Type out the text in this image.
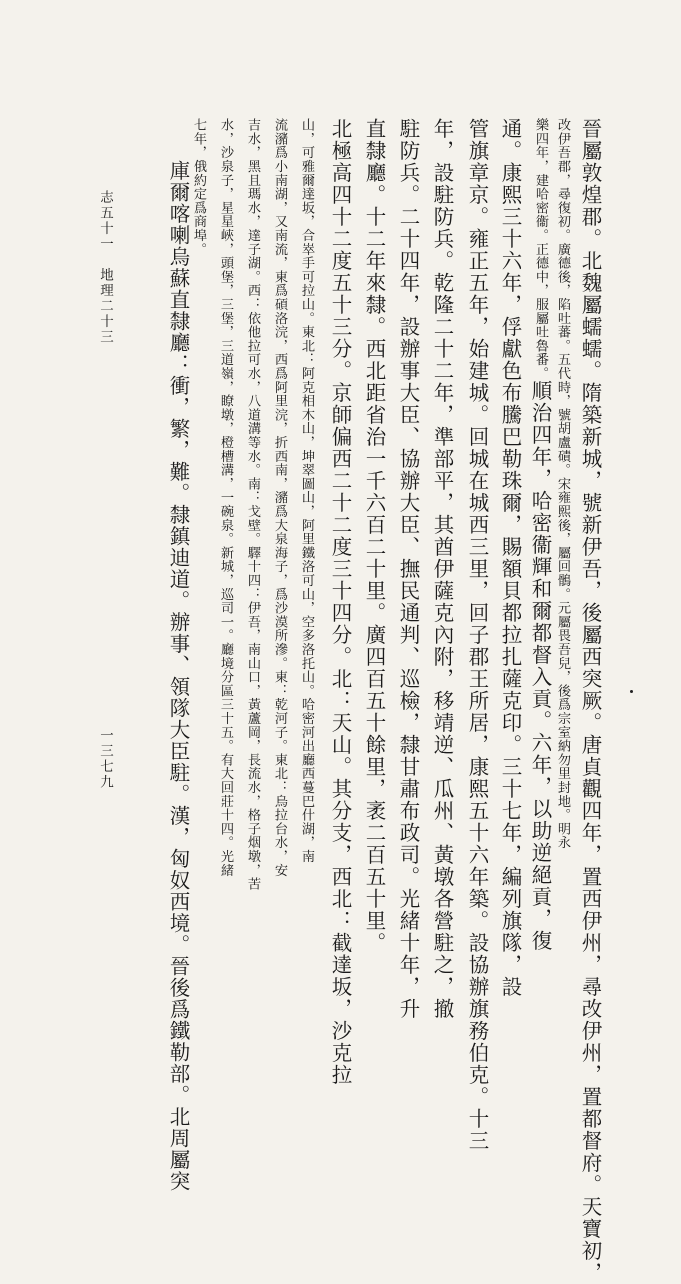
晉屬敦煌郡。北魏屬蠕蠕。隋築新城，號新伊吾，後屬西突厥。唐貞觀四年，置西伊州，尋改伊州，置都督府。天寶初，
改伊吾郡，尋復初。廣德後，陷吐蕃。五代時，號胡盧磧。宋雍熙後，屬回鶻。元屬畏吾兒，後爲宗室納勿里封地。明永
樂四年，建哈密衞。正德中，服屬吐魯番。順治四年，哈密衞輝和爾都督入貢。六年，以助逆絕貢，復
通。康熙三十六年，俘獻色布騰巴勒珠爾，賜額貝都拉扎薩克印。三十七年，編列旗隊，設
管旗章京。雍正五年，始建城。回城在城西三里，回子郡王所居，康熙五十六年築。設協辦旗務伯克。十三
年，設駐防兵。乾隆二十二年，準部平，其酋伊薩克內附，移靖逆、瓜州、黃墩各營駐之，撤
駐防兵。二十四年，設辦事大臣、協辦大臣、撫民通判、巡檢，隸甘肅布政司。光緒十年，升
直隸廳。十二年來隸。西北距省治一千六百二十里。廣四百五十餘里，袤二百五十里。
北極高四十二度五十三分。京師偏西二十二度三十四分。北：天山。其分支，西北：截達坂，沙克拉
山，可雅爾達坂，合崒手可拉山。東北：阿克相木山，坤翠圖山，阿里鐵洛可山，空多洛托山。哈密河出廳西蔓巴什湖，南
流瀦爲小南湖，又南流，東爲碩洛浣，西爲阿里浣，折西南，瀦爲大泉海子，爲沙漠所滲。東：乾河子。東北：烏拉台水，安
吉水，黑且瑪水，達子湖。西：依他拉可水，八道溝等水。南：戈壁。驛十四：伊吾，南山口，黃蘆岡，長流水，格子烟墩，苦
水，沙泉子，星星峽，頭堡，三堡，三道嶺，瞭墩，橙槽溝，一碗泉。新城，巡司一。廳境分區三十五。有大回莊十四。光緒
七年，俄約定爲商埠。
庫爾喀喇烏蘇直隸廳：衝，繁，難。隸鎮迪道。辦事、領隊大臣駐。漢，匈奴西境。晉後爲鐵勒部。北周屬突
志五十一　地理二十三
一三七九
